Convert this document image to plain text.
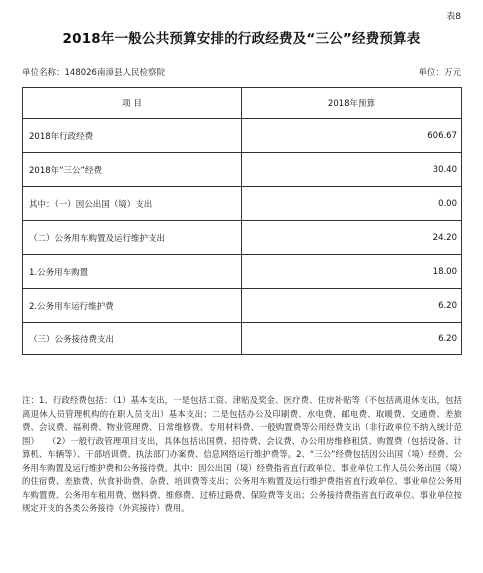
表8
2018年一般公共预算安排的行政经费及“三公”经费预算表
单位名称：148026南漳县人民检察院	单位：万元
项 目	2018年预算
2018年行政经费	606.67
2018年“三公”经费	30.40
其中：（一）因公出国（境）支出	0.00
（二）公务用车购置及运行维护支出	24.20
1.公务用车购置	18.00
2.公务用车运行维护费	6.20
（三）公务接待费支出	6.20
注：1、行政经费包括：（1）基本支出，一是包括工资、津贴及奖金、医疗费、住房补贴等（不包括离退休支出，包括离退休人员管理机构的在职人员支出）基本支出；二是包括办公及印刷费、水电费、邮电费、取暖费、交通费、差旅费、会议费、福利费、物业管理费、日常维修费、专用材料费、一般购置费等公用经费支出（非行政单位不纳入统计范围）　　（2）一般行政管理项目支出，具体包括出国费、招待费、会议费、办公用房维修租赁、购置费（包括设备、计算机、车辆等）、干部培训费、执法部门办案费、信息网络运行维护费等。2、“三公”经费包括因公出国（境）经费、公务用车购置及运行维护费和公务接待费。其中：因公出国（境）经费指省直行政单位、事业单位工作人员公务出国（境）的住宿费、差旅费、伙食补助费、杂费、培训费等支出；公务用车购置及运行维护费指省直行政单位、事业单位公务用车购置费、公务用车租用费、燃料费、维修费、过桥过路费、保险费等支出；公务接待费指省直行政单位、事业单位按规定开支的各类公务接待（外宾接待）费用。
